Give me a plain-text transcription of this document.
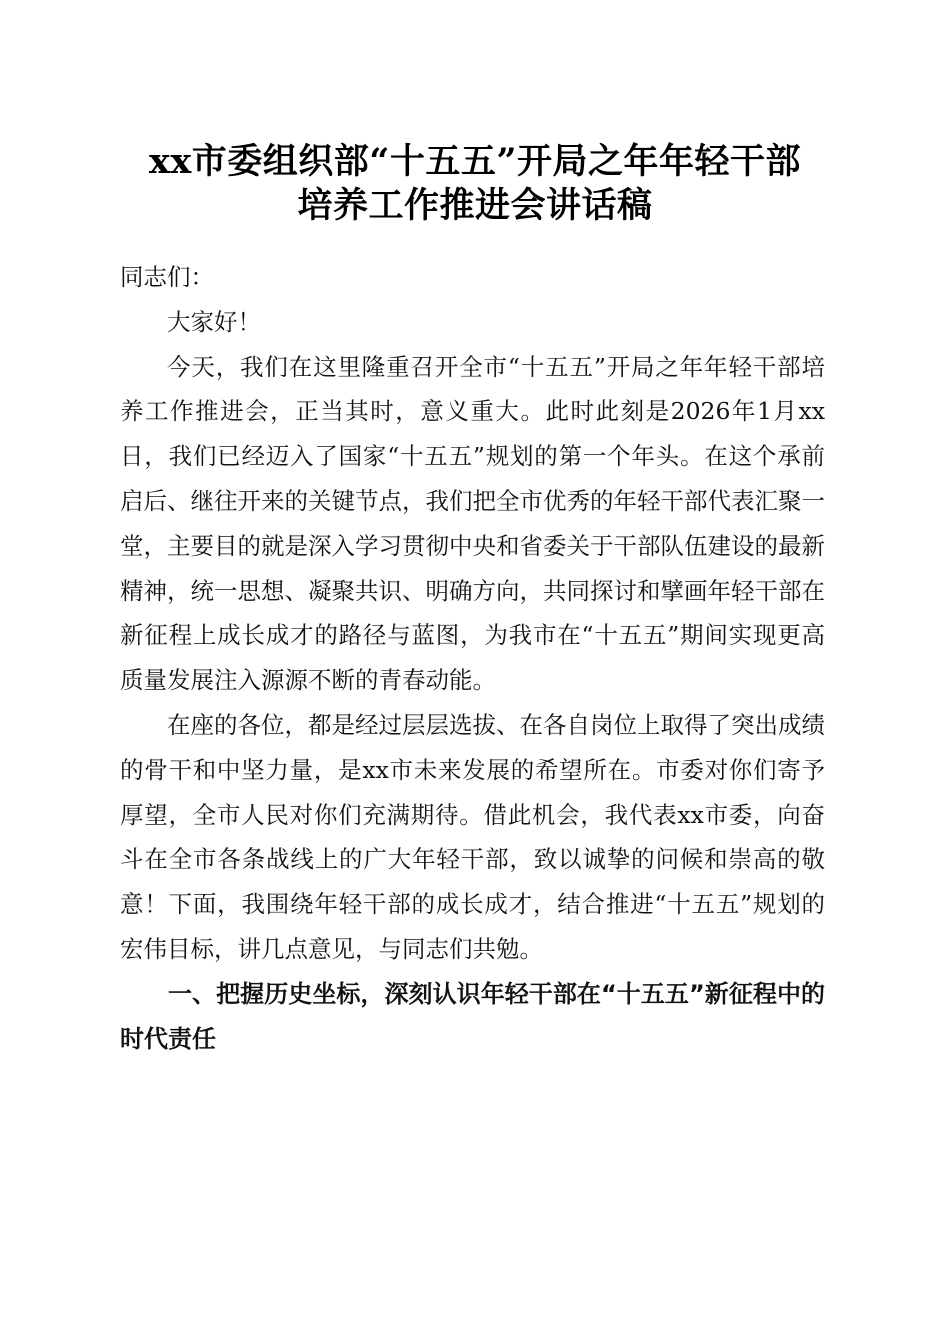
xx市委组织部“十五五”开局之年年轻干部
培养工作推进会讲话稿

同志们：

大家好！

今天，我们在这里隆重召开全市“十五五”开局之年年轻干部培养工作推进会，正当其时，意义重大。此时此刻是2026年1月xx日，我们已经迈入了国家“十五五”规划的第一个年头。在这个承前启后、继往开来的关键节点，我们把全市优秀的年轻干部代表汇聚一堂，主要目的就是深入学习贯彻中央和省委关于干部队伍建设的最新精神，统一思想、凝聚共识、明确方向，共同探讨和擘画年轻干部在新征程上成长成才的路径与蓝图，为我市在“十五五”期间实现更高质量发展注入源源不断的青春动能。

在座的各位，都是经过层层选拔、在各自岗位上取得了突出成绩的骨干和中坚力量，是xx市未来发展的希望所在。市委对你们寄予厚望，全市人民对你们充满期待。借此机会，我代表xx市委，向奋斗在全市各条战线上的广大年轻干部，致以诚挚的问候和崇高的敬意！下面，我围绕年轻干部的成长成才，结合推进“十五五”规划的宏伟目标，讲几点意见，与同志们共勉。

一、把握历史坐标，深刻认识年轻干部在“十五五”新征程中的时代责任
